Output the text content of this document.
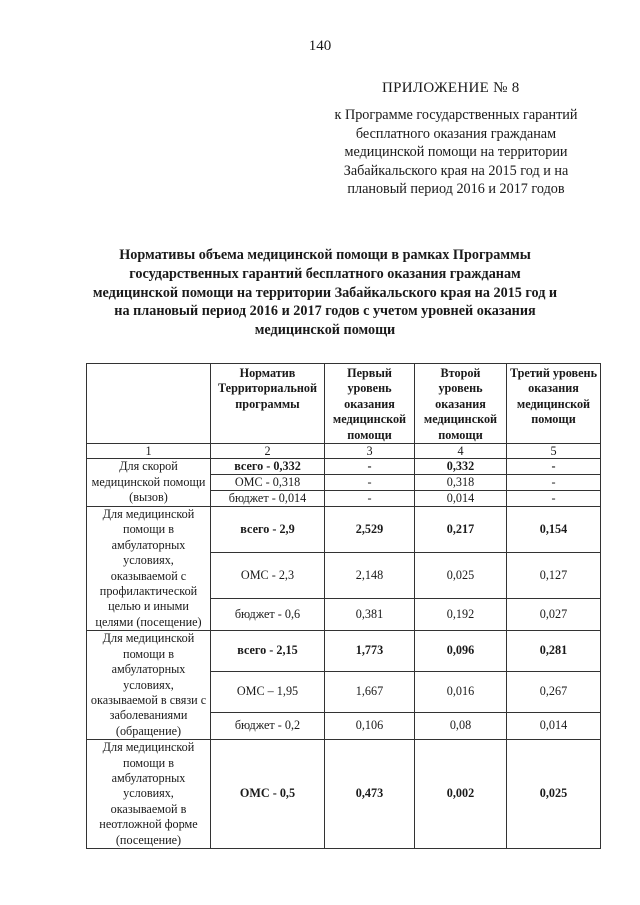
140
ПРИЛОЖЕНИЕ № 8
к Программе государственных гарантий
бесплатного оказания гражданам
медицинской помощи на территории
Забайкальского края на 2015 год и на
плановый период 2016 и 2017 годов
Нормативы объема медицинской помощи в рамках Программы
государственных гарантий бесплатного оказания гражданам
медицинской помощи на территории Забайкальского края на 2015 год и
на плановый период 2016 и 2017 годов с учетом уровней оказания
медицинской помощи
	Норматив Территориальной программы	Первый уровень оказания медицинской помощи	Второй уровень оказания медицинской помощи	Третий уровень оказания медицинской помощи
1	2	3	4	5
Для скорой медицинской помощи (вызов)	всего - 0,332	-	0,332	-
	ОМС - 0,318	-	0,318	-
	бюджет - 0,014	-	0,014	-
Для медицинской помощи в амбулаторных условиях, оказываемой с профилактической целью и иными целями (посещение)	всего - 2,9	2,529	0,217	0,154
	ОМС - 2,3	2,148	0,025	0,127
	бюджет - 0,6	0,381	0,192	0,027
Для медицинской помощи в амбулаторных условиях, оказываемой в связи с заболеваниями (обращение)	всего - 2,15	1,773	0,096	0,281
	ОМС – 1,95	1,667	0,016	0,267
	бюджет - 0,2	0,106	0,08	0,014
Для медицинской помощи в амбулаторных условиях, оказываемой в неотложной форме (посещение)	ОМС - 0,5	0,473	0,002	0,025
